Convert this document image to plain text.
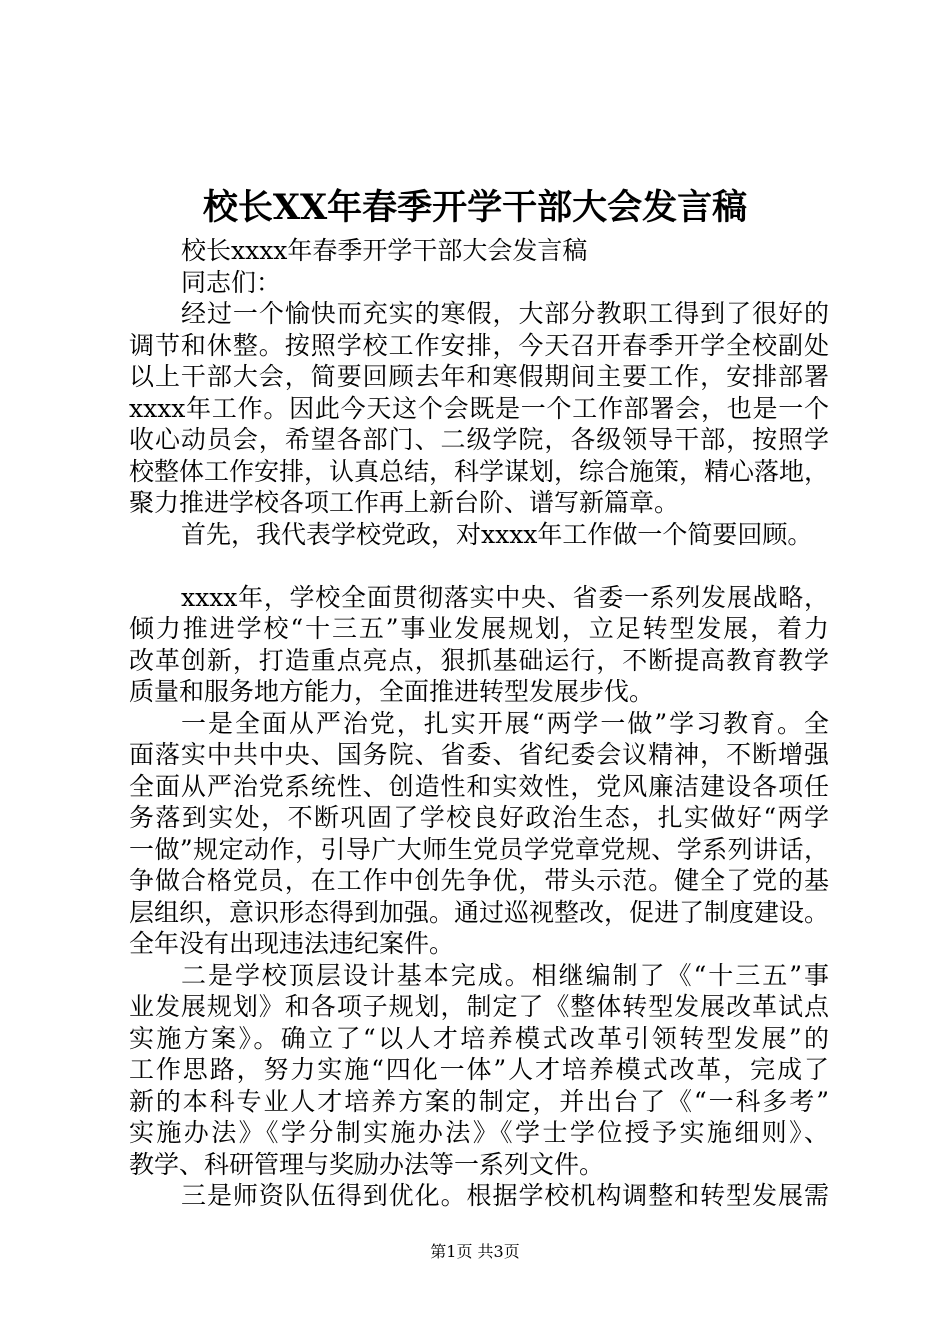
校长XX年春季开学干部大会发言稿
校长xxxx年春季开学干部大会发言稿
同志们：
经过一个愉快而充实的寒假，大部分教职工得到了很好的
调节和休整。按照学校工作安排，今天召开春季开学全校副处
以上干部大会，简要回顾去年和寒假期间主要工作，安排部署
xxxx年工作。因此今天这个会既是一个工作部署会，也是一个
收心动员会，希望各部门、二级学院，各级领导干部，按照学
校整体工作安排，认真总结，科学谋划，综合施策，精心落地，
聚力推进学校各项工作再上新台阶、谱写新篇章。
首先，我代表学校党政，对xxxx年工作做一个简要回顾。
xxxx年，学校全面贯彻落实中央、省委一系列发展战略，
倾力推进学校“十三五”事业发展规划，立足转型发展，着力
改革创新，打造重点亮点，狠抓基础运行，不断提高教育教学
质量和服务地方能力，全面推进转型发展步伐。
一是全面从严治党，扎实开展“两学一做”学习教育。全
面落实中共中央、国务院、省委、省纪委会议精神，不断增强
全面从严治党系统性、创造性和实效性，党风廉洁建设各项任
务落到实处，不断巩固了学校良好政治生态，扎实做好“两学
一做”规定动作，引导广大师生党员学党章党规、学系列讲话，
争做合格党员，在工作中创先争优，带头示范。健全了党的基
层组织，意识形态得到加强。通过巡视整改，促进了制度建设。
全年没有出现违法违纪案件。
二是学校顶层设计基本完成。相继编制了《“十三五”事
业发展规划》和各项子规划，制定了《整体转型发展改革试点
实施方案》。确立了“以人才培养模式改革引领转型发展”的
工作思路，努力实施“四化一体”人才培养模式改革，完成了
新的本科专业人才培养方案的制定，并出台了《“一科多考”
实施办法》《学分制实施办法》《学士学位授予实施细则》、
教学、科研管理与奖励办法等一系列文件。
三是师资队伍得到优化。根据学校机构调整和转型发展需
第1页 共3页
